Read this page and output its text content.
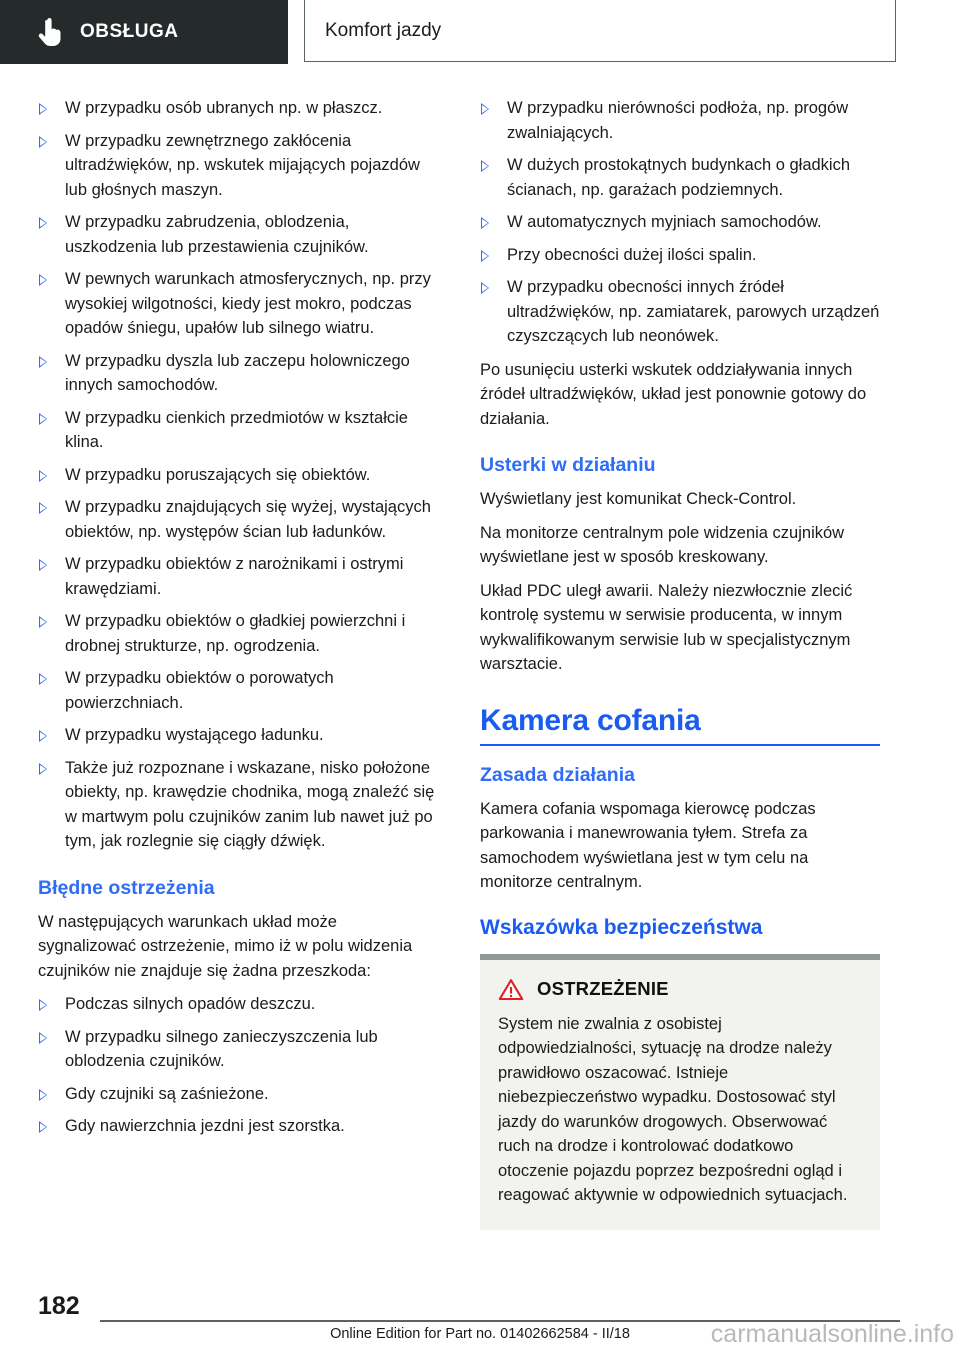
OBSŁUGA	Komfort jazdy
W przypadku osób ubranych np. w płaszcz.
W przypadku zewnętrznego zakłócenia ultradźwięków, np. wskutek mijających pojazdów lub głośnych maszyn.
W przypadku zabrudzenia, oblodzenia, uszkodzenia lub przestawienia czujników.
W pewnych warunkach atmosferycznych, np. przy wysokiej wilgotności, kiedy jest mokro, podczas opadów śniegu, upałów lub silnego wiatru.
W przypadku dyszla lub zaczepu holowniczego innych samochodów.
W przypadku cienkich przedmiotów w kształcie klina.
W przypadku poruszających się obiektów.
W przypadku znajdujących się wyżej, wystających obiektów, np. występów ścian lub ładunków.
W przypadku obiektów z narożnikami i ostrymi krawędziami.
W przypadku obiektów o gładkiej powierzchni i drobnej strukturze, np. ogrodzenia.
W przypadku obiektów o porowatych powierzchniach.
W przypadku wystającego ładunku.
Także już rozpoznane i wskazane, nisko położone obiekty, np. krawędzie chodnika, mogą znaleźć się w martwym polu czujników zanim lub nawet już po tym, jak rozlegnie się ciągły dźwięk.
Błędne ostrzeżenia

W następujących warunkach układ może sygnalizować ostrzeżenie, mimo iż w polu widzenia czujników nie znajduje się żadna przeszkoda:

Podczas silnych opadów deszczu.
W przypadku silnego zanieczyszczenia lub oblodzenia czujników.
Gdy czujniki są zaśnieżone.
Gdy nawierzchnia jezdni jest szorstka.
W przypadku nierówności podłoża, np. progów zwalniających.
W dużych prostokątnych budynkach o gładkich ścianach, np. garażach podziemnych.
W automatycznych myjniach samochodów.
Przy obecności dużej ilości spalin.
W przypadku obecności innych źródeł ultradźwięków, np. zamiatarek, parowych urządzeń czyszczących lub neonówek.

Po usunięciu usterki wskutek oddziaływania innych źródeł ultradźwięków, układ jest ponownie gotowy do działania.

Usterki w działaniu

Wyświetlany jest komunikat Check-Control.

Na monitorze centralnym pole widzenia czujników wyświetlane jest w sposób kreskowany.

Układ PDC uległ awarii. Należy niezwłocznie zlecić kontrolę systemu w serwisie producenta, w innym wykwalifikowanym serwisie lub w specjalistycznym warsztacie.

Kamera cofania
Zasada działania

Kamera cofania wspomaga kierowcę podczas parkowania i manewrowania tyłem. Strefa za samochodem wyświetlana jest w tym celu na monitorze centralnym.

Wskazówka bezpieczeństwa
OSTRZEŻENIE

System nie zwalnia z osobistej odpowiedzialności, sytuację na drodze należy prawidłowo oszacować. Istnieje niebezpieczeństwo wypadku. Dostosować styl jazdy do warunków drogowych. Obserwować ruch na drodze i kontrolować dodatkowo otoczenie pojazdu poprzez bezpośredni ogląd i reagować aktywnie w odpowiednich sytuacjach.

182
Online Edition for Part no. 01402662584 - II/18	carmanualsonline.info
